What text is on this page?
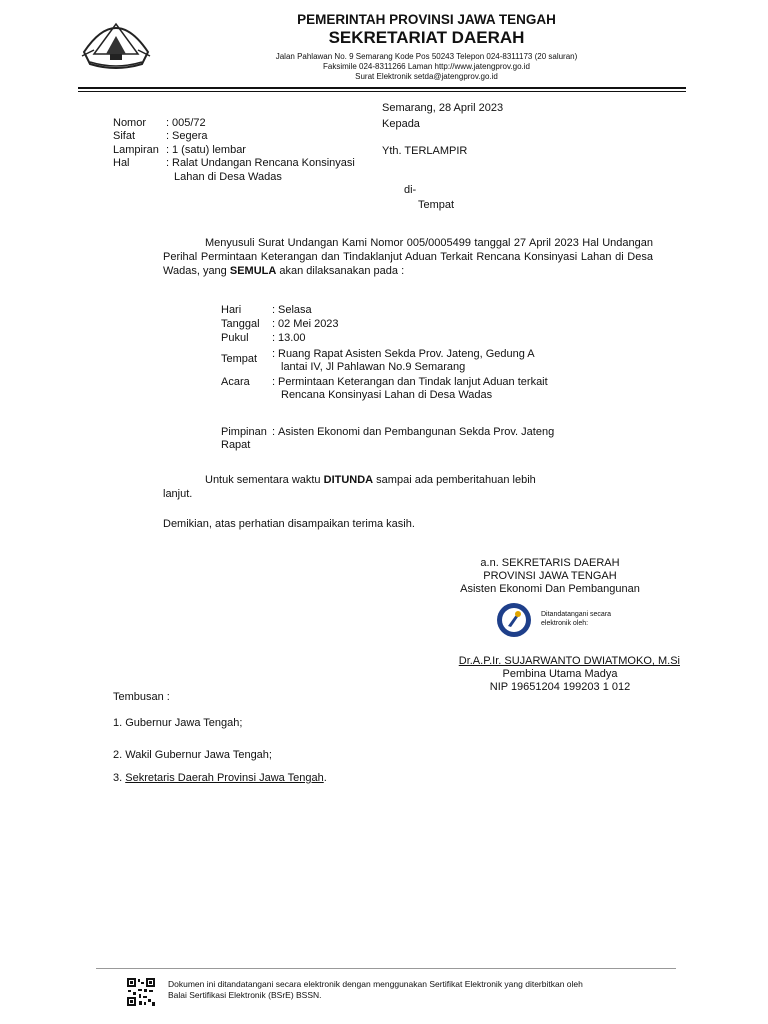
PEMERINTAH PROVINSI JAWA TENGAH
SEKRETARIAT DAERAH
Jalan Pahlawan No. 9 Semarang Kode Pos 50243 Telepon 024-8311173 (20 saluran)
Faksimile 024-8311266 Laman http://www.jatengprov.go.id
Surat Elektronik setda@jatengprov.go.id
Semarang, 28 April 2023
Kepada
Yth. TERLAMPIR
di-
Tempat
Nomor : 005/72
Sifat	: Segera
Lampiran : 1 (satu) lembar
Hal	: Ralat Undangan Rencana Konsinyasi
Lahan di Desa Wadas
Menyusuli Surat Undangan Kami Nomor 005/0005499 tanggal 27 April 2023 Hal Undangan Perihal Permintaan Keterangan dan Tindaklanjut Aduan Terkait Rencana Konsinyasi Lahan di Desa Wadas, yang SEMULA akan dilaksanakan pada :
Hari	: Selasa
Tanggal : 02 Mei 2023
Pukul : 13.00
Tempat : Ruang Rapat Asisten Sekda Prov. Jateng, Gedung A
lantai IV, Jl Pahlawan No.9 Semarang
Acara : Permintaan Keterangan dan Tindak lanjut Aduan terkait
Rencana Konsinyasi Lahan di Desa Wadas
Pimpinan
Rapat
: Asisten Ekonomi dan Pembangunan Sekda Prov. Jateng
Untuk sementara waktu DITUNDA sampai ada pemberitahuan lebih
lanjut.
Demikian, atas perhatian disampaikan terima kasih.
a.n. SEKRETARIS DAERAH
PROVINSI JAWA TENGAH
Asisten Ekonomi Dan Pembangunan
Ditandatangani secara
elektronik oleh:
Dr.A.P.Ir. SUJARWANTO DWIATMOKO, M.Si
Pembina Utama Madya
NIP 19651204 199203 1 012
Tembusan :
1. Gubernur Jawa Tengah;
2. Wakil Gubernur Jawa Tengah;
3. Sekretaris Daerah Provinsi Jawa Tengah.
Dokumen ini ditandatangani secara elektronik dengan menggunakan Sertifikat Elektronik yang diterbitkan oleh
Balai Sertifikasi Elektronik (BSrE) BSSN.
